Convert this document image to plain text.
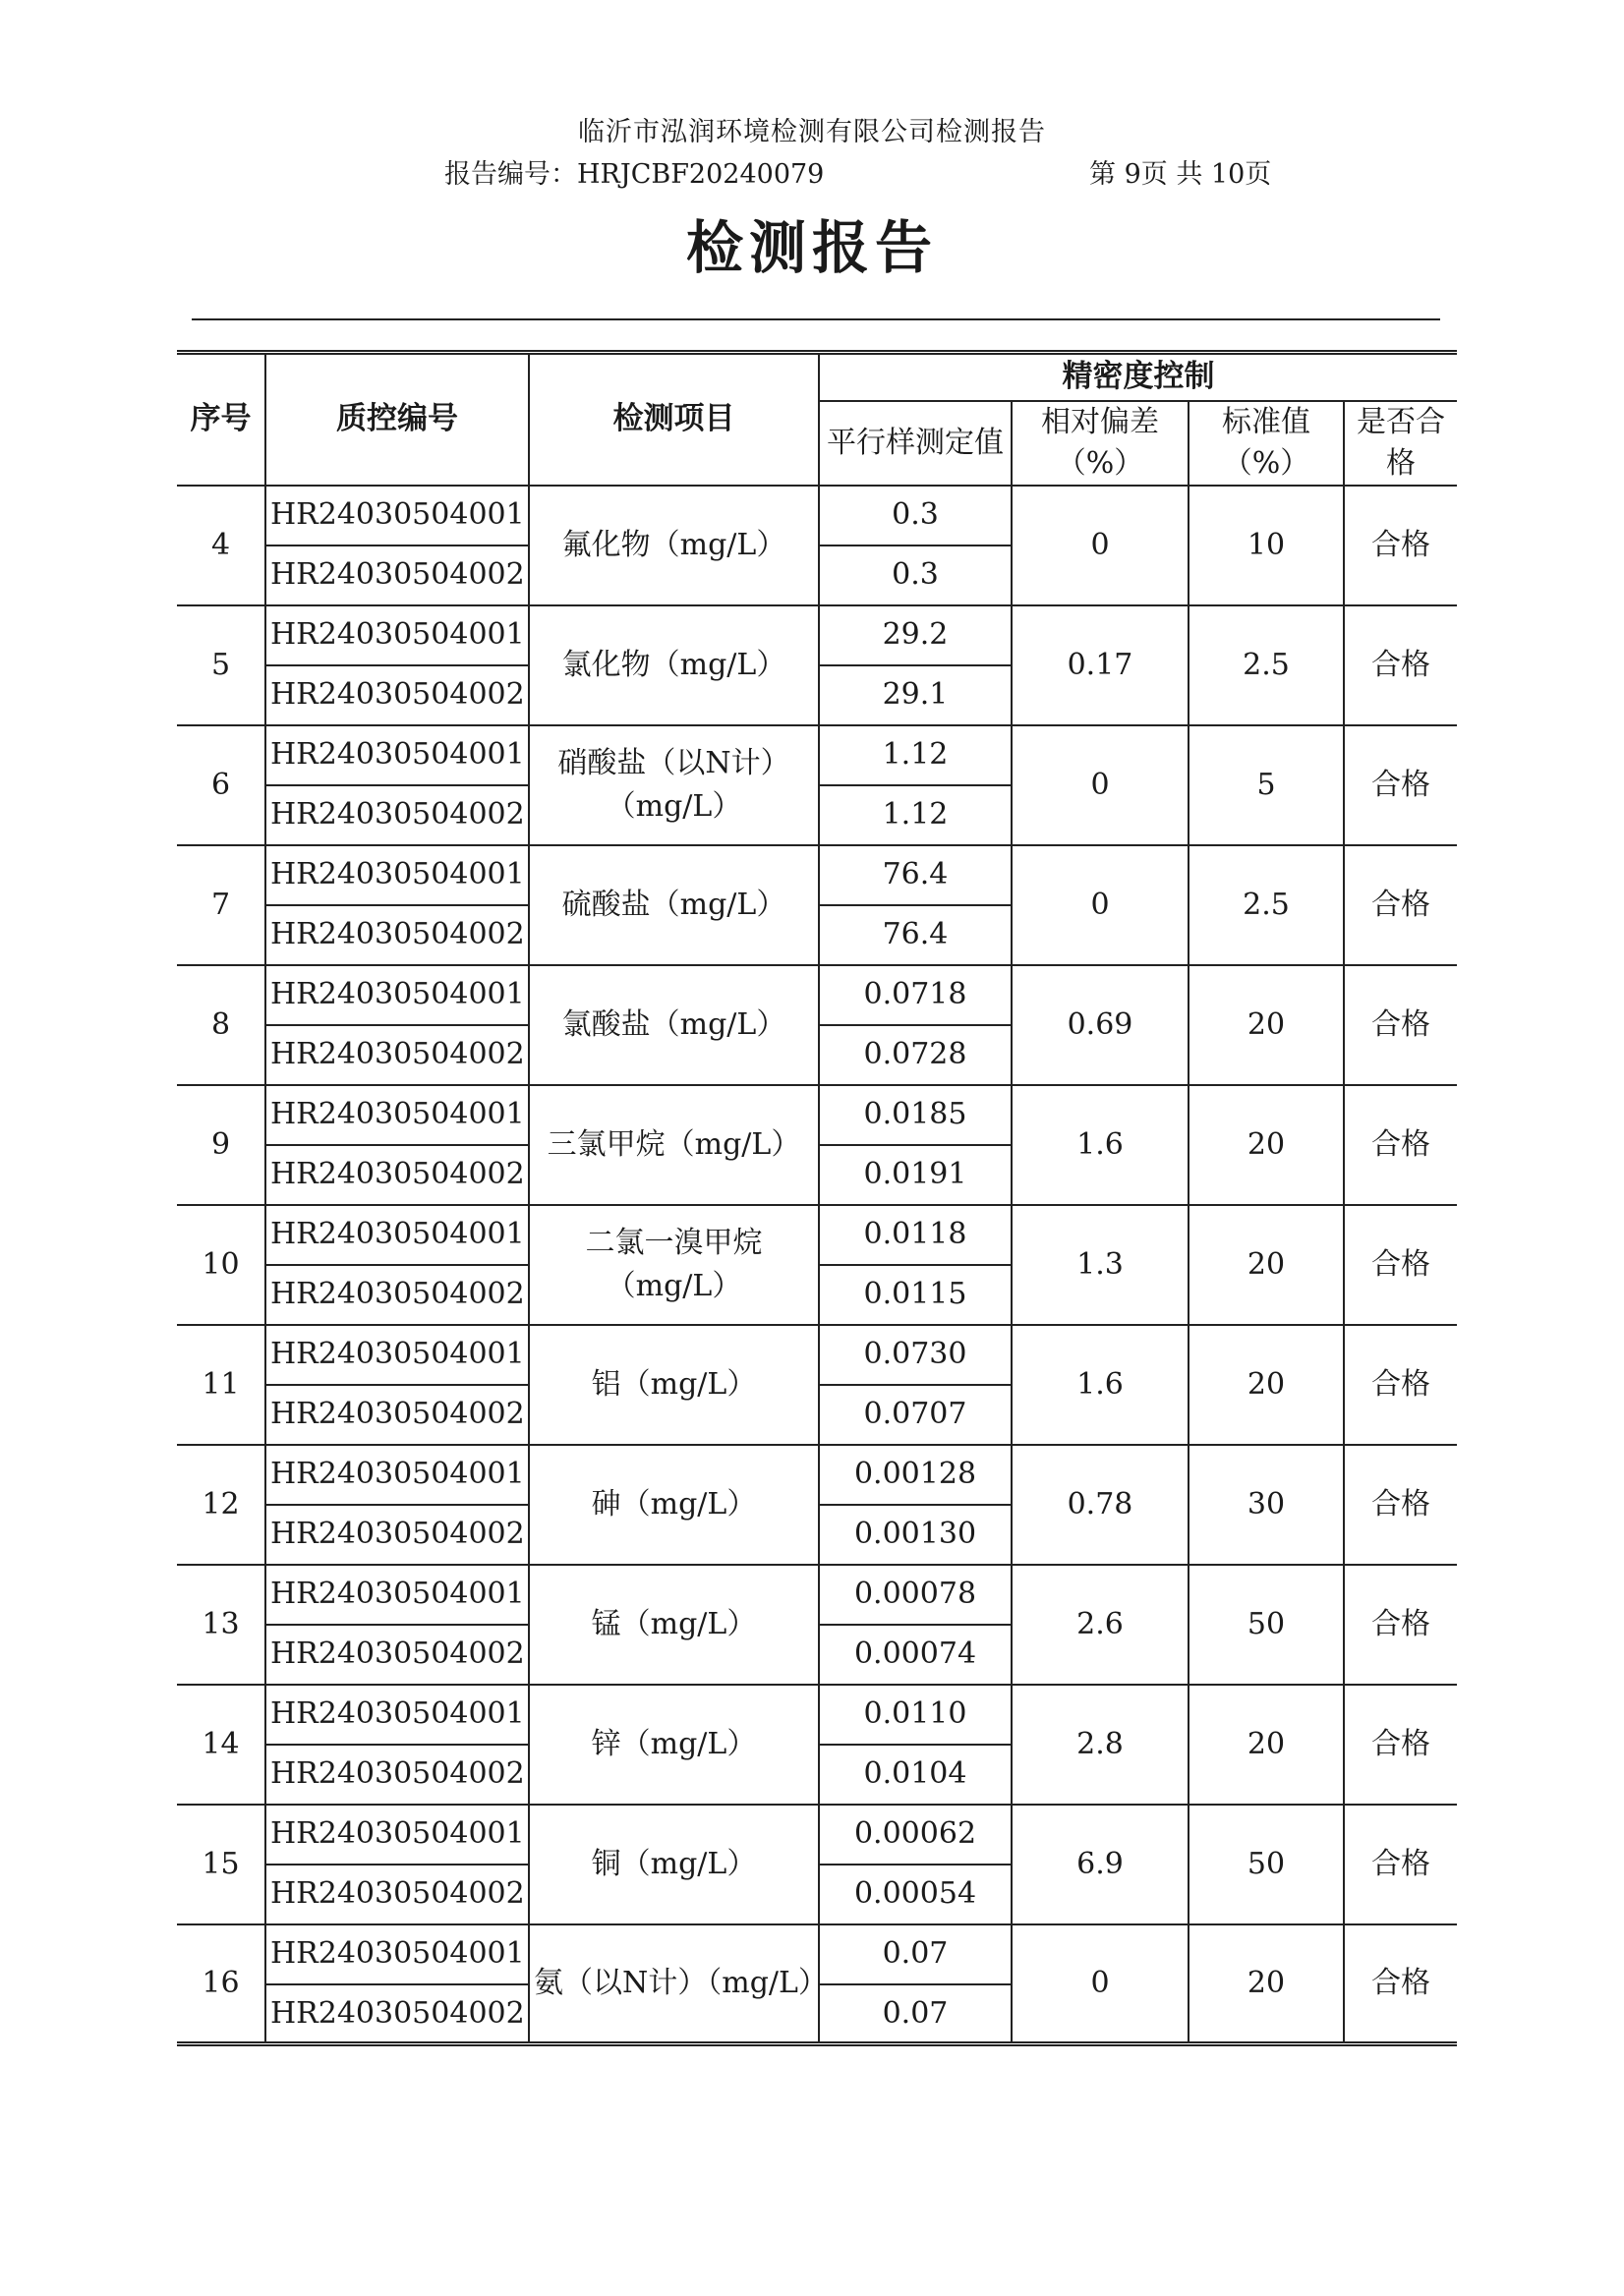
临沂市泓润环境检测有限公司检测报告
报告编号：HRJCBF20240079	第 9页 共 10页
检测报告
序号	质控编号	检测项目	精密度控制			
			平行样测定值	相对偏差（%）	标准值（%）	是否合格
4	HR24030504001	氟化物（mg/L）	0.3	0	10	合格
	HR24030504002		0.3			
5	HR24030504001	氯化物（mg/L）	29.2	0.17	2.5	合格
	HR24030504002		29.1			
6	HR24030504001	硝酸盐（以N计）（mg/L）	1.12	0	5	合格
	HR24030504002		1.12			
7	HR24030504001	硫酸盐（mg/L）	76.4	0	2.5	合格
	HR24030504002		76.4			
8	HR24030504001	氯酸盐（mg/L）	0.0718	0.69	20	合格
	HR24030504002		0.0728			
9	HR24030504001	三氯甲烷（mg/L）	0.0185	1.6	20	合格
	HR24030504002		0.0191			
10	HR24030504001	二氯一溴甲烷（mg/L）	0.0118	1.3	20	合格
	HR24030504002		0.0115			
11	HR24030504001	铝（mg/L）	0.0730	1.6	20	合格
	HR24030504002		0.0707			
12	HR24030504001	砷（mg/L）	0.00128	0.78	30	合格
	HR24030504002		0.00130			
13	HR24030504001	锰（mg/L）	0.00078	2.6	50	合格
	HR24030504002		0.00074			
14	HR24030504001	锌（mg/L）	0.0110	2.8	20	合格
	HR24030504002		0.0104			
15	HR24030504001	铜（mg/L）	0.00062	6.9	50	合格
	HR24030504002		0.00054			
16	HR24030504001	氨（以N计）（mg/L）	0.07	0	20	合格
	HR24030504002		0.07			
